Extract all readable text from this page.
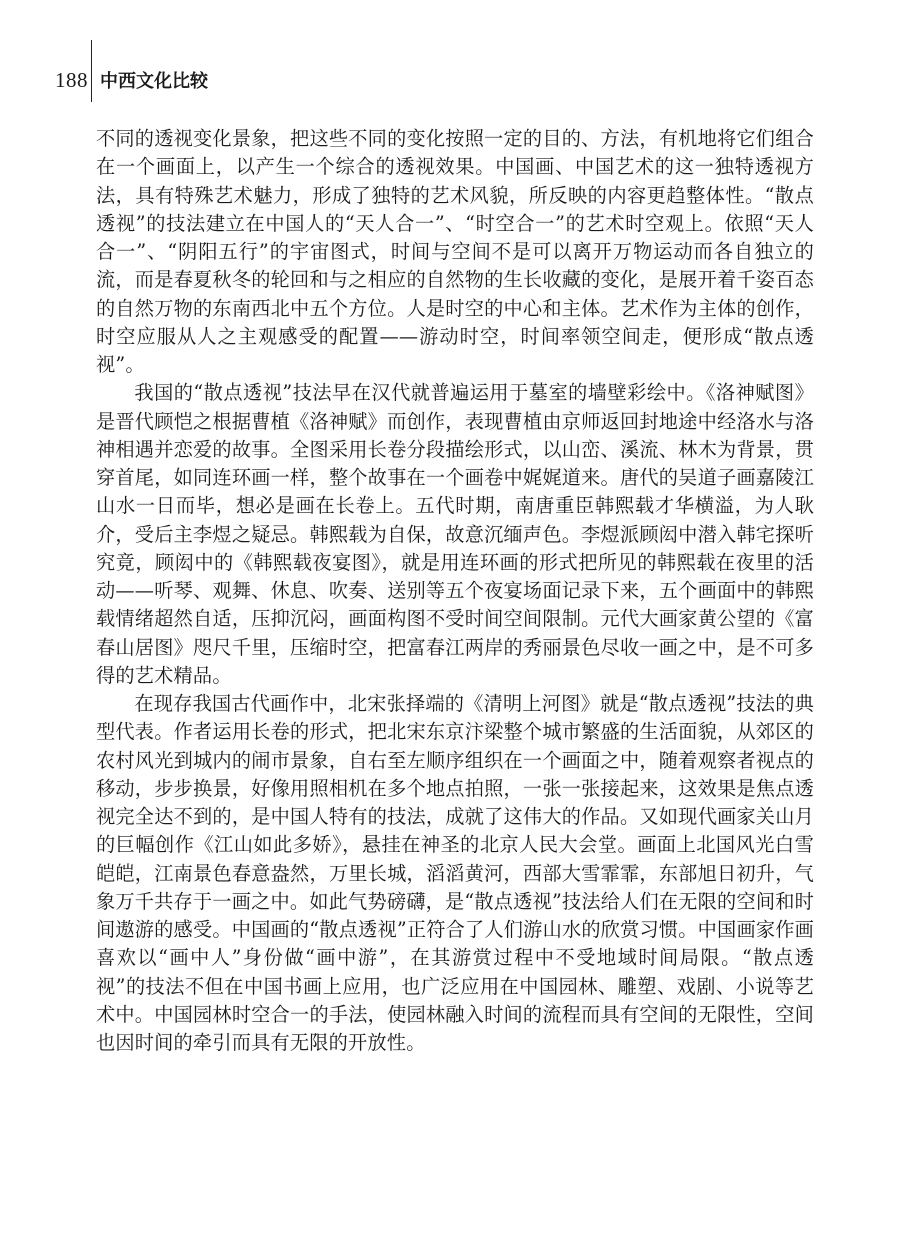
188 中西文化比较

不同的透视变化景象，把这些不同的变化按照一定的目的、方法，有机地将它们组合在一个画面上，以产生一个综合的透视效果。中国画、中国艺术的这一独特透视方法，具有特殊艺术魅力，形成了独特的艺术风貌，所反映的内容更趋整体性。“散点透视”的技法建立在中国人的“天人合一”、“时空合一”的艺术时空观上。依照“天人合一”、“阴阳五行”的宇宙图式，时间与空间不是可以离开万物运动而各自独立的流，而是春夏秋冬的轮回和与之相应的自然物的生长收藏的变化，是展开着千姿百态的自然万物的东南西北中五个方位。人是时空的中心和主体。艺术作为主体的创作，时空应服从人之主观感受的配置——游动时空，时间率领空间走，便形成“散点透视”。

我国的“散点透视”技法早在汉代就普遍运用于墓室的墙壁彩绘中。《洛神赋图》是晋代顾恺之根据曹植《洛神赋》而创作，表现曹植由京师返回封地途中经洛水与洛神相遇并恋爱的故事。全图采用长卷分段描绘形式，以山峦、溪流、林木为背景，贯穿首尾，如同连环画一样，整个故事在一个画卷中娓娓道来。唐代的吴道子画嘉陵江山水一日而毕，想必是画在长卷上。五代时期，南唐重臣韩熙载才华横溢，为人耿介，受后主李煜之疑忌。韩熙载为自保，故意沉缅声色。李煜派顾闳中潜入韩宅探听究竟，顾闳中的《韩熙载夜宴图》，就是用连环画的形式把所见的韩熙载在夜里的活动——听琴、观舞、休息、吹奏、送别等五个夜宴场面记录下来，五个画面中的韩熙载情绪超然自适，压抑沉闷，画面构图不受时间空间限制。元代大画家黄公望的《富春山居图》咫尺千里，压缩时空，把富春江两岸的秀丽景色尽收一画之中，是不可多得的艺术精品。

在现存我国古代画作中，北宋张择端的《清明上河图》就是“散点透视”技法的典型代表。作者运用长卷的形式，把北宋东京汴梁整个城市繁盛的生活面貌，从郊区的农村风光到城内的闹市景象，自右至左顺序组织在一个画面之中，随着观察者视点的移动，步步换景，好像用照相机在多个地点拍照，一张一张接起来，这效果是焦点透视完全达不到的，是中国人特有的技法，成就了这伟大的作品。又如现代画家关山月的巨幅创作《江山如此多娇》，悬挂在神圣的北京人民大会堂。画面上北国风光白雪皑皑，江南景色春意盎然，万里长城，滔滔黄河，西部大雪霏霏，东部旭日初升，气象万千共存于一画之中。如此气势磅礴，是“散点透视”技法给人们在无限的空间和时间遨游的感受。中国画的“散点透视”正符合了人们游山水的欣赏习惯。中国画家作画喜欢以“画中人”身份做“画中游”，在其游赏过程中不受地域时间局限。“散点透视”的技法不但在中国书画上应用，也广泛应用在中国园林、雕塑、戏剧、小说等艺术中。中国园林时空合一的手法，使园林融入时间的流程而具有空间的无限性，空间也因时间的牵引而具有无限的开放性。
